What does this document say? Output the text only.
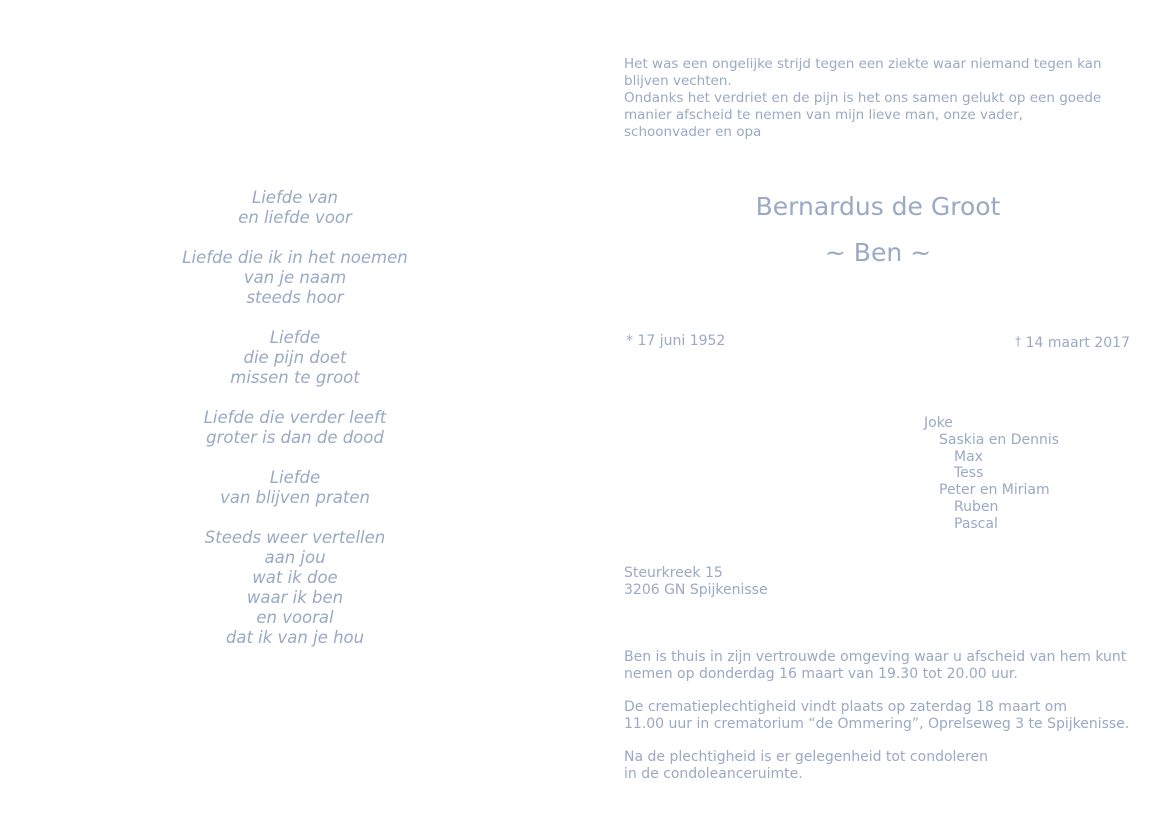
Liefde van
en liefde voor
Liefde die ik in het noemen
van je naam
steeds hoor
Liefde
die pijn doet
missen te groot
Liefde die verder leeft
groter is dan de dood
Liefde
van blijven praten
Steeds weer vertellen
aan jou
wat ik doe
waar ik ben
en vooral
dat ik van je hou
Het was een ongelijke strijd tegen een ziekte waar niemand tegen kan
blijven vechten.
Ondanks het verdriet en de pijn is het ons samen gelukt op een goede
manier afscheid te nemen van mijn lieve man, onze vader,
schoonvader en opa
Bernardus de Groot
~ Ben ~
* 17 juni 1952	† 14 maart 2017
Joke
Saskia en Dennis
Max
Tess
Peter en Miriam
Ruben
Pascal
Steurkreek 15
3206 GN Spijkenisse
Ben is thuis in zijn vertrouwde omgeving waar u afscheid van hem kunt
nemen op donderdag 16 maart van 19.30 tot 20.00 uur.
De crematieplechtigheid vindt plaats op zaterdag 18 maart om
11.00 uur in crematorium “de Ommering”, Oprelseweg 3 te Spijkenisse.
Na de plechtigheid is er gelegenheid tot condoleren
in de condoleanceruimte.
